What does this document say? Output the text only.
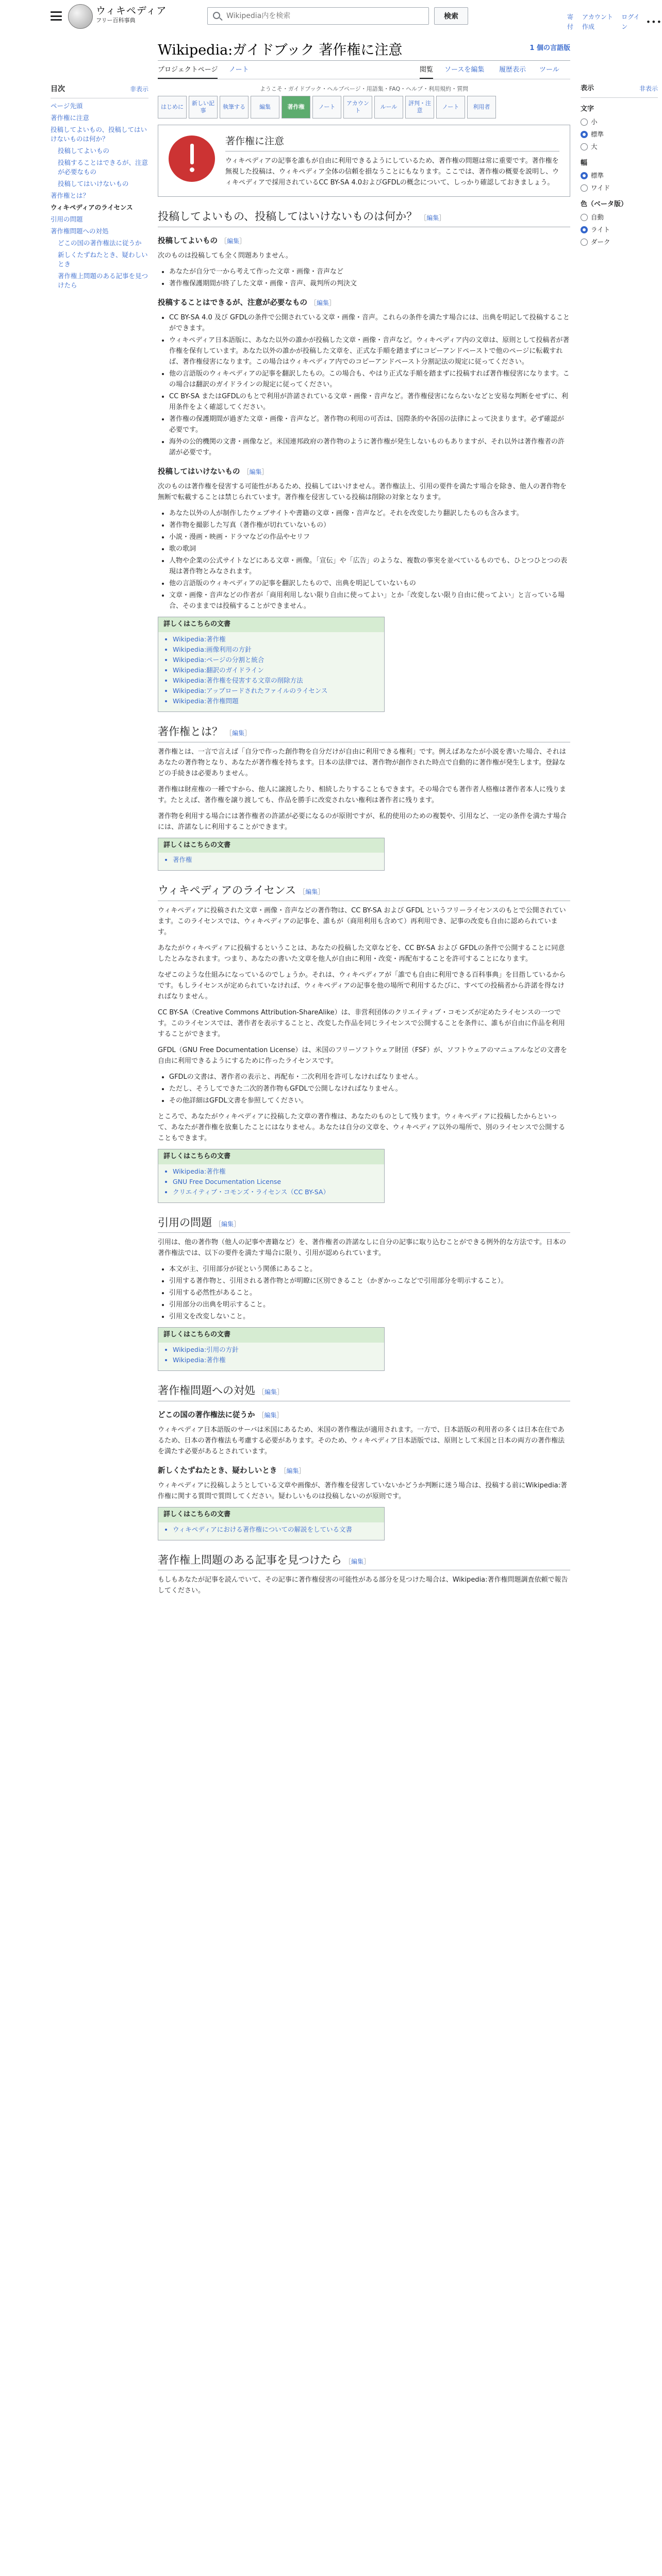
ウィキペディア
フリー百科事典
Wikipedia内を検索	検索	寄付
アカウント作成
ログイン	•••
目次	非表示
ページ先頭
著作権に注意
投稿してよいもの、投稿してはいけないものは何か？
投稿してよいもの
投稿することはできるが、注意が必要なもの
投稿してはいけないもの
著作権とは？
ウィキペディアのライセンス
引用の問題
著作権問題への対処
どこの国の著作権法に従うか
新しくたずねたとき、疑わしいとき
著作権上問題のある記事を見つけたら
Wikipedia:ガイドブック 著作権に注意	1 個の言語版
プロジェクトページ ノート	閲覧 ソースを編集 履歴表示 ツール
ようこそ・ガイドブック・ヘルプページ・用語集・FAQ・ヘルプ・利用規約・質問
はじめに
新しい記事
執筆する	編集	著作権	ノート
アカウント
ルール
評判・注意
ノート	利用者
著作権に注意

ウィキペディアの記事を誰もが自由に利用できるようにしているため、著作権の問題は常に重要です。著作権を無視した投稿は、ウィキペディア全体の信頼を損なうことにもなります。ここでは、著作権の概要を説明し、ウィキペディアで採用されているCC BY-SA 4.0およびGFDLの概念について、しっかり確認しておきましょう。

投稿してよいもの、投稿してはいけないものは何か？ ［編集］
投稿してよいもの ［編集］

次のものは投稿しても全く問題ありません。

• あなたが自分で一から考えて作った文章・画像・音声など
• 著作権保護期間が終了した文章・画像・音声、裁判所の判決文
投稿することはできるが、注意が必要なもの ［編集］
• CC BY-SA 4.0 及び GFDLの条件で公開されている文章・画像・音声。これらの条件を満たす場合には、出典を明記して投稿することができます。
• ウィキペディア日本語版に、あなた以外の誰かが投稿した文章・画像・音声など。ウィキペディア内の文章は、原則として投稿者が著作権を保有しています。あなた以外の誰かが投稿した文章を、正式な手順を踏まずにコピーアンドペーストで他のページに転載すれば、著作権侵害になります。この場合はウィキペディア内でのコピーアンドペースト分割記法の規定に従ってください。
• 他の言語版のウィキペディアの記事を翻訳したもの。この場合も、やはり正式な手順を踏まずに投稿すれば著作権侵害になります。この場合は翻訳のガイドラインの規定に従ってください。
• CC BY-SA またはGFDLのもとで利用が許諾されている文章・画像・音声など。著作権侵害にならないなどと安易な判断をせずに、利用条件をよく確認してください。
• 著作権の保護期間が過ぎた文章・画像・音声など。著作物の利用の可否は、国際条約や各国の法律によって決まります。必ず確認が必要です。
• 海外の公的機関の文書・画像など。米国連邦政府の著作物のように著作権が発生しないものもありますが、それ以外は著作権者の許諾が必要です。
投稿してはいけないもの ［編集］

次のものは著作権を侵害する可能性があるため、投稿してはいけません。著作権法上、引用の要件を満たす場合を除き、他人の著作物を無断で転載することは禁じられています。著作権を侵害している投稿は削除の対象となります。

• あなた以外の人が制作したウェブサイトや書籍の文章・画像・音声など。それを改変したり翻訳したものも含みます。
• 著作物を撮影した写真（著作権が切れていないもの）
• 小説・漫画・映画・ドラマなどの作品やセリフ
• 歌の歌詞
• 人物や企業の公式サイトなどにある文章・画像。「宣伝」や「広告」のような、複数の事実を並べているものでも、ひとつひとつの表現は著作物とみなされます。
• 他の言語版のウィキペディアの記事を翻訳したもので、出典を明記していないもの
• 文章・画像・音声などの作者が「商用利用しない限り自由に使ってよい」とか「改変しない限り自由に使ってよい」と言っている場合、そのままでは投稿することができません。
詳しくはこちらの文書
• Wikipedia:著作権
• Wikipedia:画像利用の方針
• Wikipedia:ページの分割と統合
• Wikipedia:翻訳のガイドライン
• Wikipedia:著作権を侵害する文章の削除方法
• Wikipedia:アップロードされたファイルのライセンス
• Wikipedia:著作権問題
著作権とは？ ［編集］

著作権とは、一言で言えば「自分で作った創作物を自分だけが自由に利用できる権利」です。例えばあなたが小説を書いた場合、それはあなたの著作物となり、あなたが著作権を持ちます。日本の法律では、著作物が創作された時点で自動的に著作権が発生します。登録などの手続きは必要ありません。

著作権は財産権の一種ですから、他人に譲渡したり、相続したりすることもできます。その場合でも著作者人格権は著作者本人に残ります。たとえば、著作権を譲り渡しても、作品を勝手に改変されない権利は著作者に残ります。

著作物を利用する場合には著作権者の許諾が必要になるのが原則ですが、私的使用のための複製や、引用など、一定の条件を満たす場合には、許諾なしに利用することができます。

詳しくはこちらの文書
• 著作権
ウィキペディアのライセンス ［編集］

ウィキペディアに投稿された文章・画像・音声などの著作物は、CC BY-SA および GFDL というフリーライセンスのもとで公開されています。このライセンスでは、ウィキペディアの記事を、誰もが（商用利用も含めて）再利用でき、記事の改変も自由に認められています。

あなたがウィキペディアに投稿するということは、あなたの投稿した文章などを、CC BY-SA および GFDLの条件で公開することに同意したとみなされます。つまり、あなたの書いた文章を他人が自由に利用・改変・再配布することを許可することになります。

なぜこのような仕組みになっているのでしょうか。それは、ウィキペディアが「誰でも自由に利用できる百科事典」を目指しているからです。もしライセンスが定められていなければ、ウィキペディアの記事を他の場所で利用するたびに、すべての投稿者から許諾を得なければなりません。

CC BY-SA（Creative Commons Attribution-ShareAlike）は、非営利団体のクリエイティブ・コモンズが定めたライセンスの一つです。このライセンスでは、著作者を表示することと、改変した作品を同じライセンスで公開することを条件に、誰もが自由に作品を利用することができます。

GFDL（GNU Free Documentation License）は、米国のフリーソフトウェア財団（FSF）が、ソフトウェアのマニュアルなどの文書を自由に利用できるようにするために作ったライセンスです。

• GFDLの文書は、著作者の表示と、再配布・二次利用を許可しなければなりません。
• ただし、そうしてできた二次的著作物もGFDLで公開しなければなりません。
• その他詳細はGFDL文書を参照してください。

ところで、あなたがウィキペディアに投稿した文章の著作権は、あなたのものとして残ります。ウィキペディアに投稿したからといって、あなたが著作権を放棄したことにはなりません。あなたは自分の文章を、ウィキペディア以外の場所で、別のライセンスで公開することもできます。

詳しくはこちらの文書
• Wikipedia:著作権
• GNU Free Documentation License
• クリエイティブ・コモンズ・ライセンス（CC BY-SA）
引用の問題 ［編集］

引用は、他の著作物（他人の記事や書籍など）を、著作権者の許諾なしに自分の記事に取り込むことができる例外的な方法です。日本の著作権法では、以下の要件を満たす場合に限り、引用が認められています。

• 本文が主、引用部分が従という関係にあること。
• 引用する著作物と、引用される著作物とが明瞭に区別できること（かぎかっこなどで引用部分を明示すること）。
• 引用する必然性があること。
• 引用部分の出典を明示すること。
• 引用文を改変しないこと。
詳しくはこちらの文書
• Wikipedia:引用の方針
• Wikipedia:著作権
著作権問題への対処 ［編集］
どこの国の著作権法に従うか ［編集］

ウィキペディア日本語版のサーバは米国にあるため、米国の著作権法が適用されます。一方で、日本語版の利用者の多くは日本在住であるため、日本の著作権法も考慮する必要があります。そのため、ウィキペディア日本語版では、原則として米国と日本の両方の著作権法を満たす必要があるとされています。

新しくたずねたとき、疑わしいとき ［編集］

ウィキペディアに投稿しようとしている文章や画像が、著作権を侵害していないかどうか判断に迷う場合は、投稿する前にWikipedia:著作権に関する質問で質問してください。疑わしいものは投稿しないのが原則です。

詳しくはこちらの文書
• ウィキペディアにおける著作権についての解説をしている文書
著作権上問題のある記事を見つけたら ［編集］

もしもあなたが記事を読んでいて、その記事に著作権侵害の可能性がある部分を見つけた場合は、Wikipedia:著作権問題調査依頼で報告してください。

表示	非表示
文字
小
標準
大
幅
標準
ワイド
色（ベータ版）
自動
ライト
ダーク
